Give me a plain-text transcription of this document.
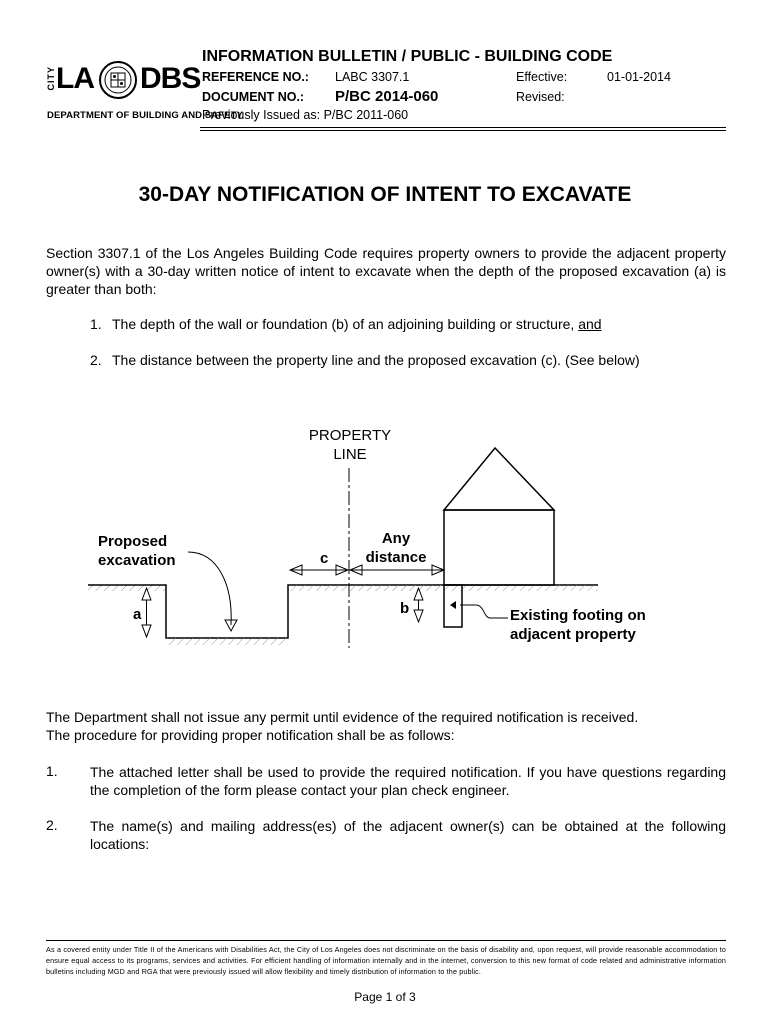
CITY LA DBS
DEPARTMENT OF BUILDING AND SAFETY
INFORMATION BULLETIN / PUBLIC - BUILDING CODE
REFERENCE NO.: LABC 3307.1	Effective:	01-01-2014
DOCUMENT NO.: P/BC 2014-060	Revised:
Previously Issued as: P/BC 2011-060
30-DAY NOTIFICATION OF INTENT TO EXCAVATE
Section 3307.1 of the Los Angeles Building Code requires property owners to provide the adjacent property owner(s) with a 30-day written notice of intent to excavate when the depth of the proposed excavation (a) is greater than both:
1. The depth of the wall or foundation (b) of an adjoining building or structure, and
2. The distance between the property line and the proposed excavation (c). (See below)
PROPERTY
LINE
Proposed
excavation
a
c
Any
distance
b	Existing footing on
adjacent property
The Department shall not issue any permit until evidence of the required notification is received.
The procedure for providing proper notification shall be as follows:
1. The attached letter shall be used to provide the required notification. If you have questions regarding the completion of the form please contact your plan check engineer.
2. The name(s) and mailing address(es) of the adjacent owner(s) can be obtained at the following locations:
As a covered entity under Title II of the Americans with Disabilities Act, the City of Los Angeles does not discriminate on the basis of disability and, upon request, will provide reasonable accommodation to ensure equal access to its programs, services and activities. For efficient handling of information internally and in the internet, conversion to this new format of code related and administrative information bulletins including MGD and RGA that were previously issued will allow flexibility and timely distribution of information to the public.
Page 1 of 3
